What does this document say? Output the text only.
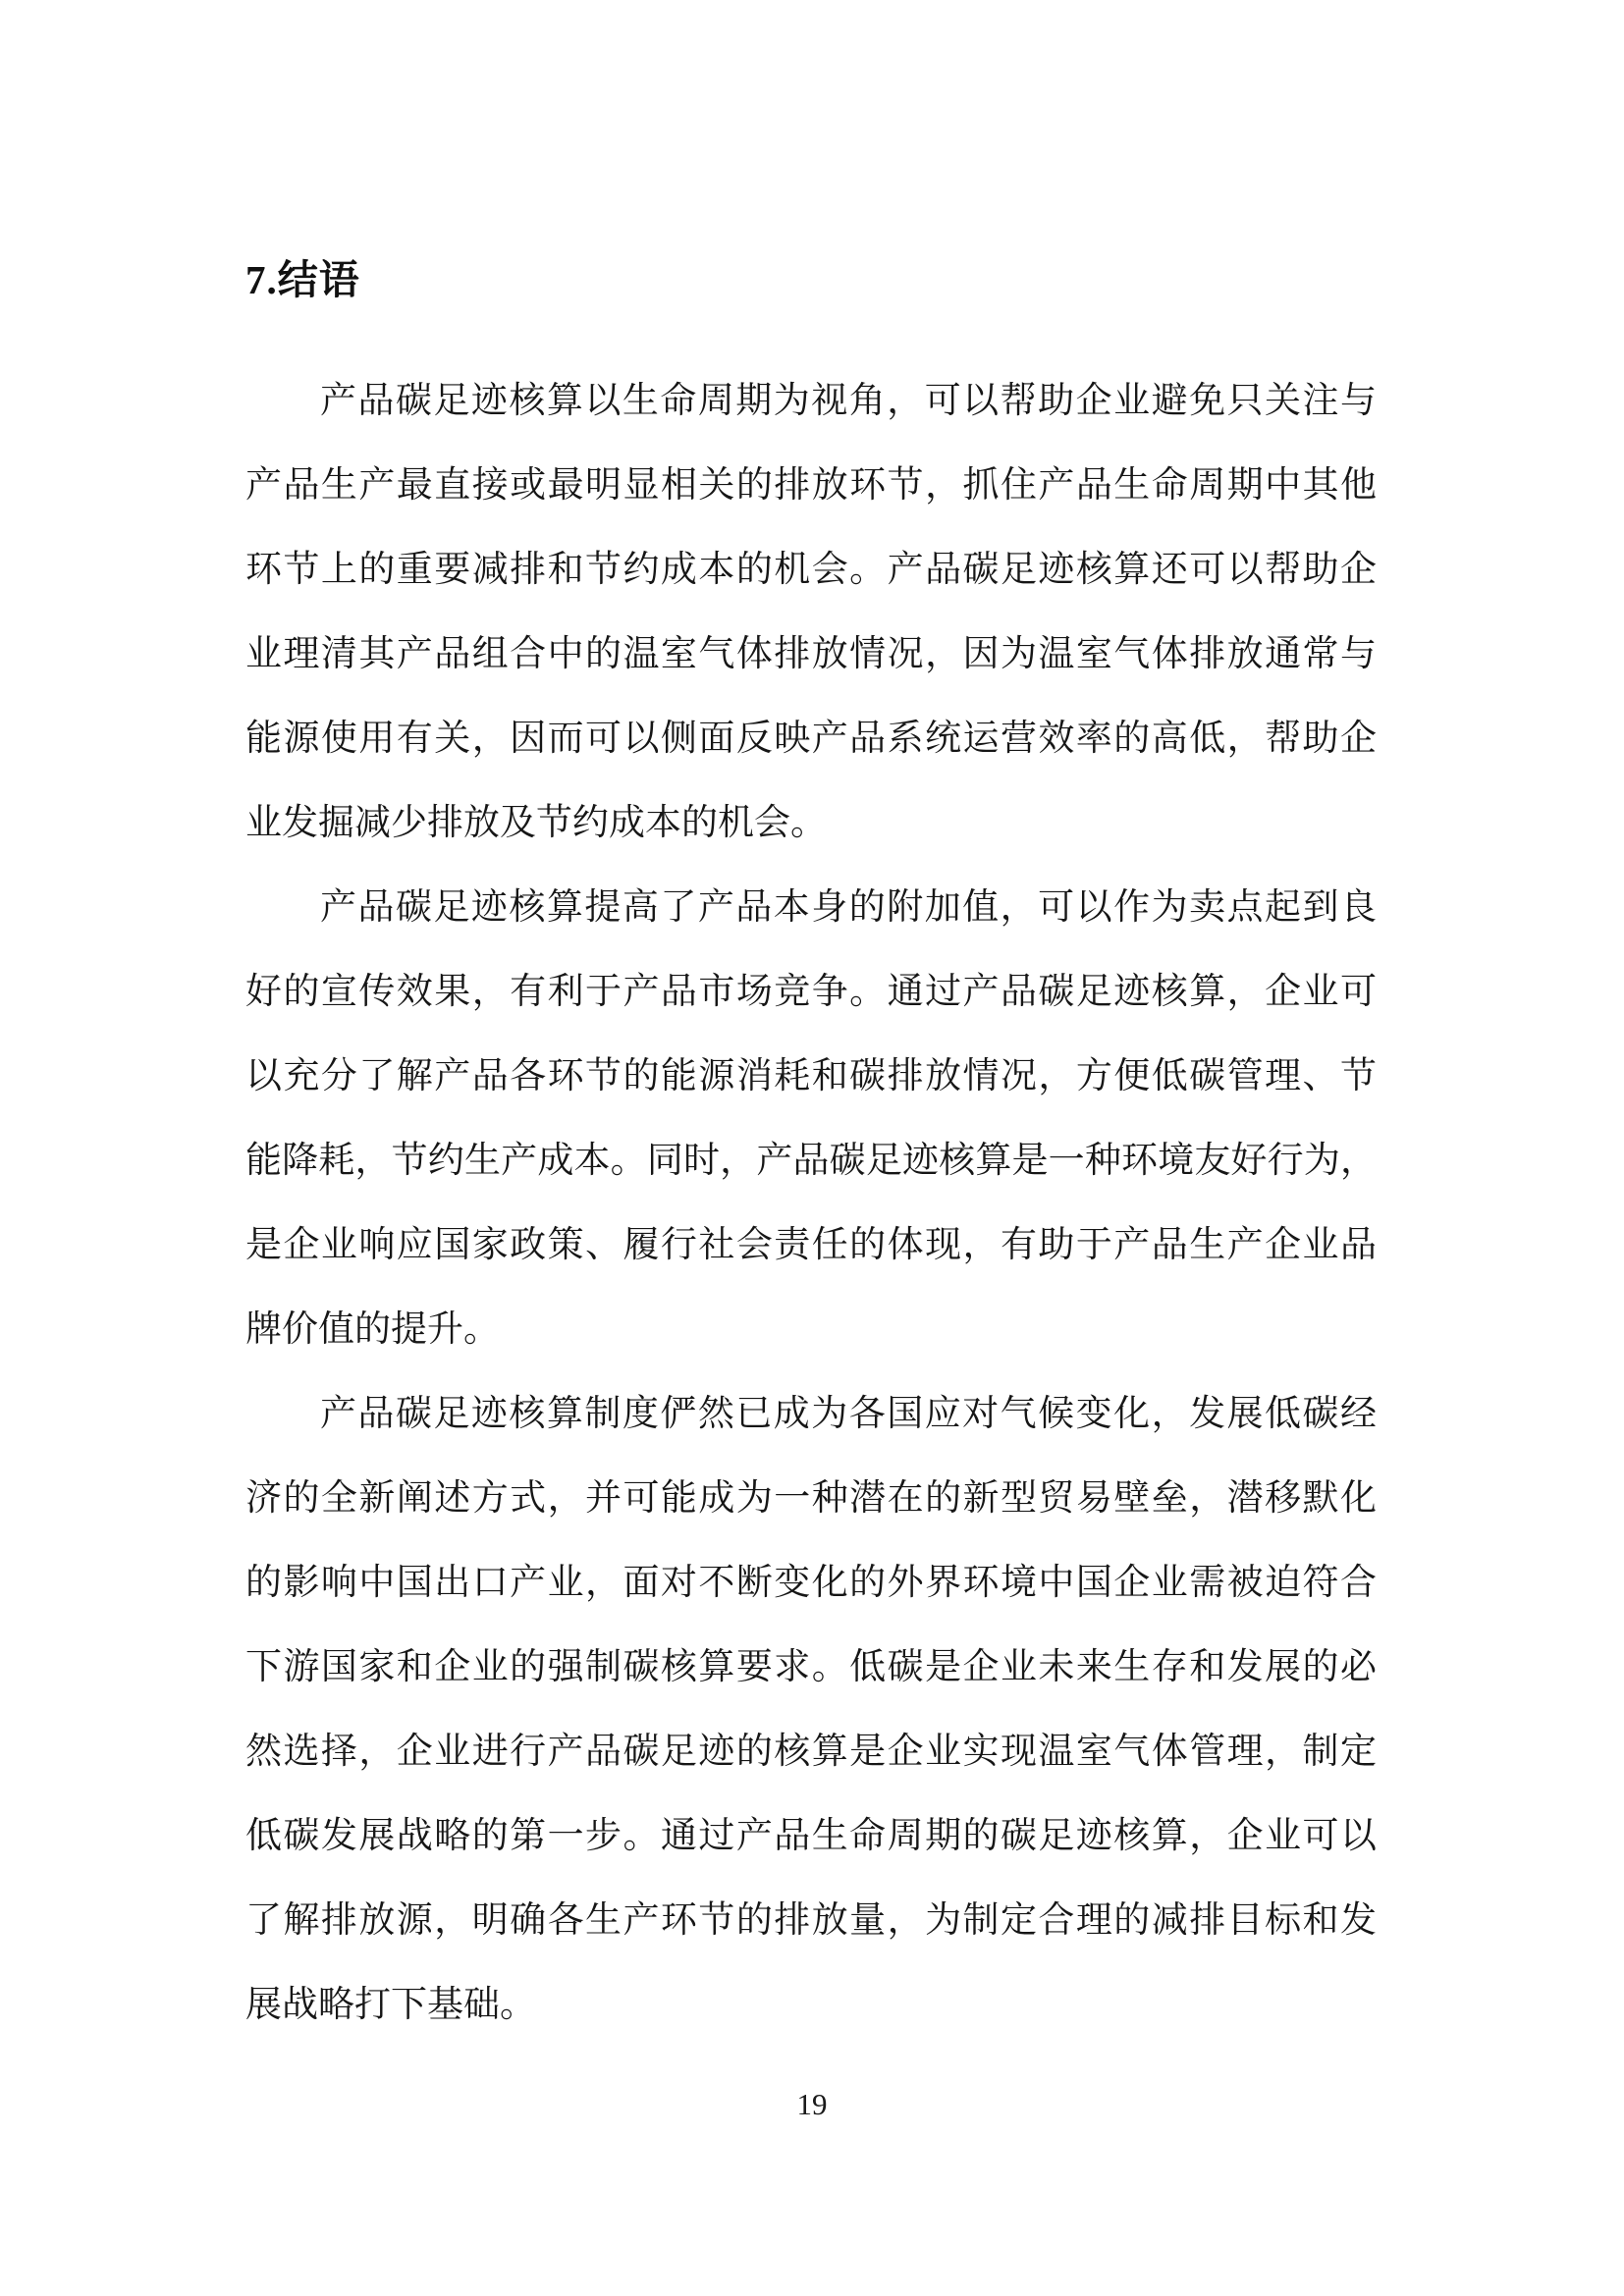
7.结语
产品碳足迹核算以生命周期为视角，可以帮助企业避免只关注与
产品生产最直接或最明显相关的排放环节，抓住产品生命周期中其他
环节上的重要减排和节约成本的机会。产品碳足迹核算还可以帮助企
业理清其产品组合中的温室气体排放情况，因为温室气体排放通常与
能源使用有关，因而可以侧面反映产品系统运营效率的高低，帮助企
业发掘减少排放及节约成本的机会。
产品碳足迹核算提高了产品本身的附加值，可以作为卖点起到良
好的宣传效果，有利于产品市场竞争。通过产品碳足迹核算，企业可
以充分了解产品各环节的能源消耗和碳排放情况，方便低碳管理、节
能降耗，节约生产成本。同时，产品碳足迹核算是一种环境友好行为，
是企业响应国家政策、履行社会责任的体现，有助于产品生产企业品
牌价值的提升。
产品碳足迹核算制度俨然已成为各国应对气候变化，发展低碳经
济的全新阐述方式，并可能成为一种潜在的新型贸易壁垒，潜移默化
的影响中国出口产业，面对不断变化的外界环境中国企业需被迫符合
下游国家和企业的强制碳核算要求。低碳是企业未来生存和发展的必
然选择，企业进行产品碳足迹的核算是企业实现温室气体管理，制定
低碳发展战略的第一步。通过产品生命周期的碳足迹核算，企业可以
了解排放源，明确各生产环节的排放量，为制定合理的减排目标和发
展战略打下基础。
19
